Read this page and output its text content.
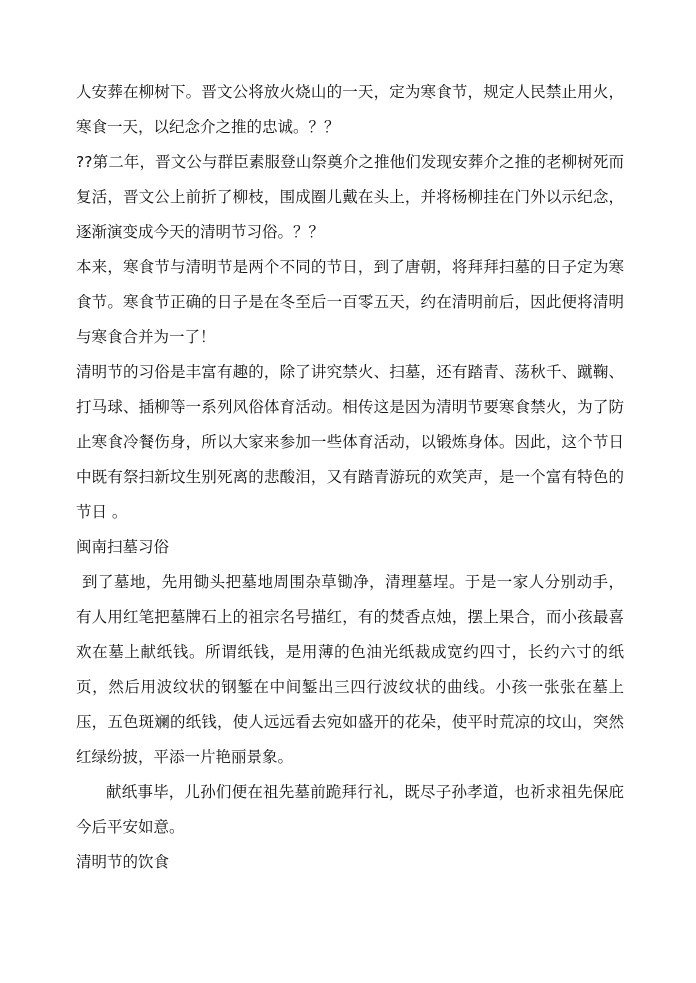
人安葬在柳树下。晋文公将放火烧山的一天，定为寒食节，规定人民禁止用火，寒食一天，以纪念介之推的忠诚。？？

??第二年，晋文公与群臣素服登山祭奠介之推他们发现安葬介之推的老柳树死而复活，晋文公上前折了柳枝，围成圈儿戴在头上，并将杨柳挂在门外以示纪念，逐渐演变成今天的清明节习俗。？？

本来，寒食节与清明节是两个不同的节日，到了唐朝，将拜拜扫墓的日子定为寒食节。寒食节正确的日子是在冬至后一百零五天，约在清明前后，因此便将清明与寒食合并为一了！

清明节的习俗是丰富有趣的，除了讲究禁火、扫墓，还有踏青、荡秋千、蹴鞠、打马球、插柳等一系列风俗体育活动。相传这是因为清明节要寒食禁火，为了防止寒食冷餐伤身，所以大家来参加一些体育活动，以锻炼身体。因此，这个节日中既有祭扫新坟生别死离的悲酸泪，又有踏青游玩的欢笑声，是一个富有特色的节日 。

闽南扫墓习俗

到了墓地，先用锄头把墓地周围杂草锄净，清理墓埕。于是一家人分别动手，有人用红笔把墓牌石上的祖宗名号描红，有的焚香点烛，摆上果合，而小孩最喜欢在墓上献纸钱。所谓纸钱，是用薄的色油光纸裁成宽约四寸，长约六寸的纸页，然后用波纹状的钢錾在中间錾出三四行波纹状的曲线。小孩一张张在墓上压，五色斑斓的纸钱，使人远远看去宛如盛开的花朵，使平时荒凉的坟山，突然红绿纷披，平添一片艳丽景象。

献纸事毕，儿孙们便在祖先墓前跪拜行礼，既尽子孙孝道，也祈求祖先保庇今后平安如意。

清明节的饮食
